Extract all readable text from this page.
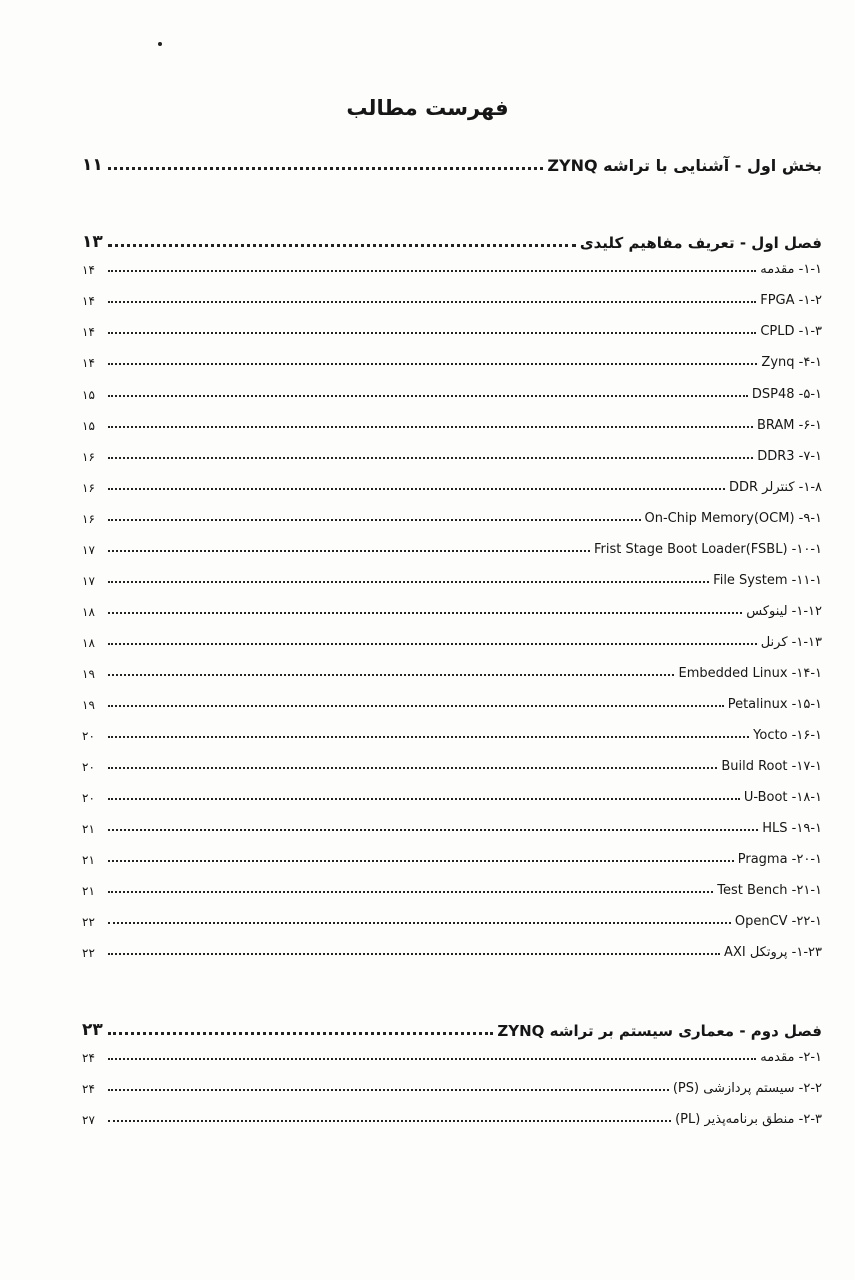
فهرست مطالب
۱۱	بخش اول - آشنایی با تراشه ZYNQ
۱۳	فصل اول - تعریف مفاهیم کلیدی
۱۴	۱-۱- مقدمه
۱۴	FPGA -۱-۲
۱۴	CPLD -۱-۳
۱۴	Zynq -۴-۱
۱۵	DSP48 -۵-۱
۱۵	BRAM -۶-۱
۱۶	DDR3 -۷-۱
۱۶	۱-۸- کنترلر DDR
۱۶	On-Chip Memory(OCM) -۹-۱
۱۷	Frist Stage Boot Loader(FSBL) -۱۰-۱
۱۷	File System -۱۱-۱
۱۸	۱-۱۲- لینوکس
۱۸	۱-۱۳- کرنل
۱۹	Embedded Linux -۱۴-۱
۱۹	Petalinux -۱۵-۱
۲۰	Yocto -۱۶-۱
۲۰	Build Root -۱۷-۱
۲۰	U-Boot -۱۸-۱
۲۱	HLS -۱۹-۱
۲۱	Pragma -۲۰-۱
۲۱	Test Bench -۲۱-۱
۲۲	OpenCV -۲۲-۱
۲۲	۱-۲۳- پروتکل AXI
۲۳	فصل دوم - معماری سیستم بر تراشه ZYNQ
۲۴	۲-۱- مقدمه
۲۴	۲-۲- سیستم پردازشی (PS)
۲۷	۲-۳- منطق برنامه‌پذیر (PL)
